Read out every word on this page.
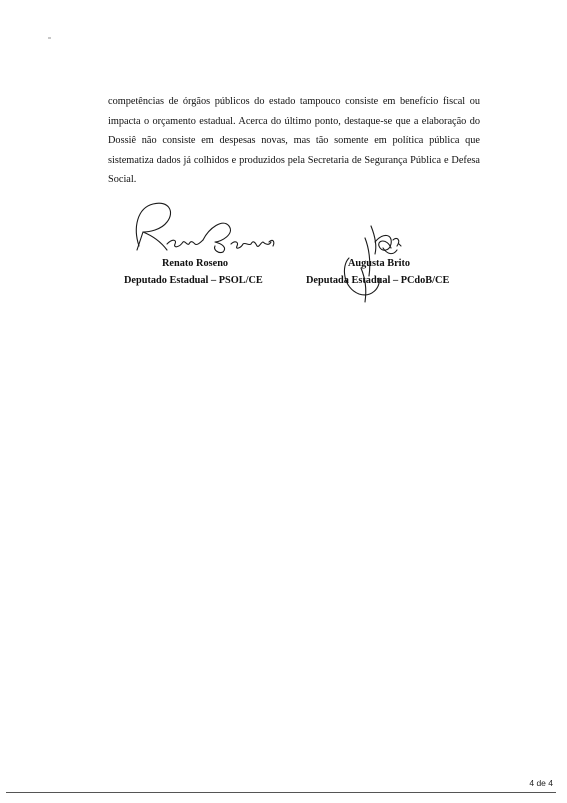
competências de órgãos públicos do estado tampouco consiste em benefício fiscal ou impacta o orçamento estadual. Acerca do último ponto, destaque-se que a elaboração do Dossiê não consiste em despesas novas, mas tão somente em política pública que sistematiza dados já colhidos e produzidos pela Secretaria de Segurança Pública e Defesa Social.

Renato Roseno
Deputado Estadual – PSOL/CE
Augusta Brito
Deputada Estadual – PCdoB/CE
4 de 4
